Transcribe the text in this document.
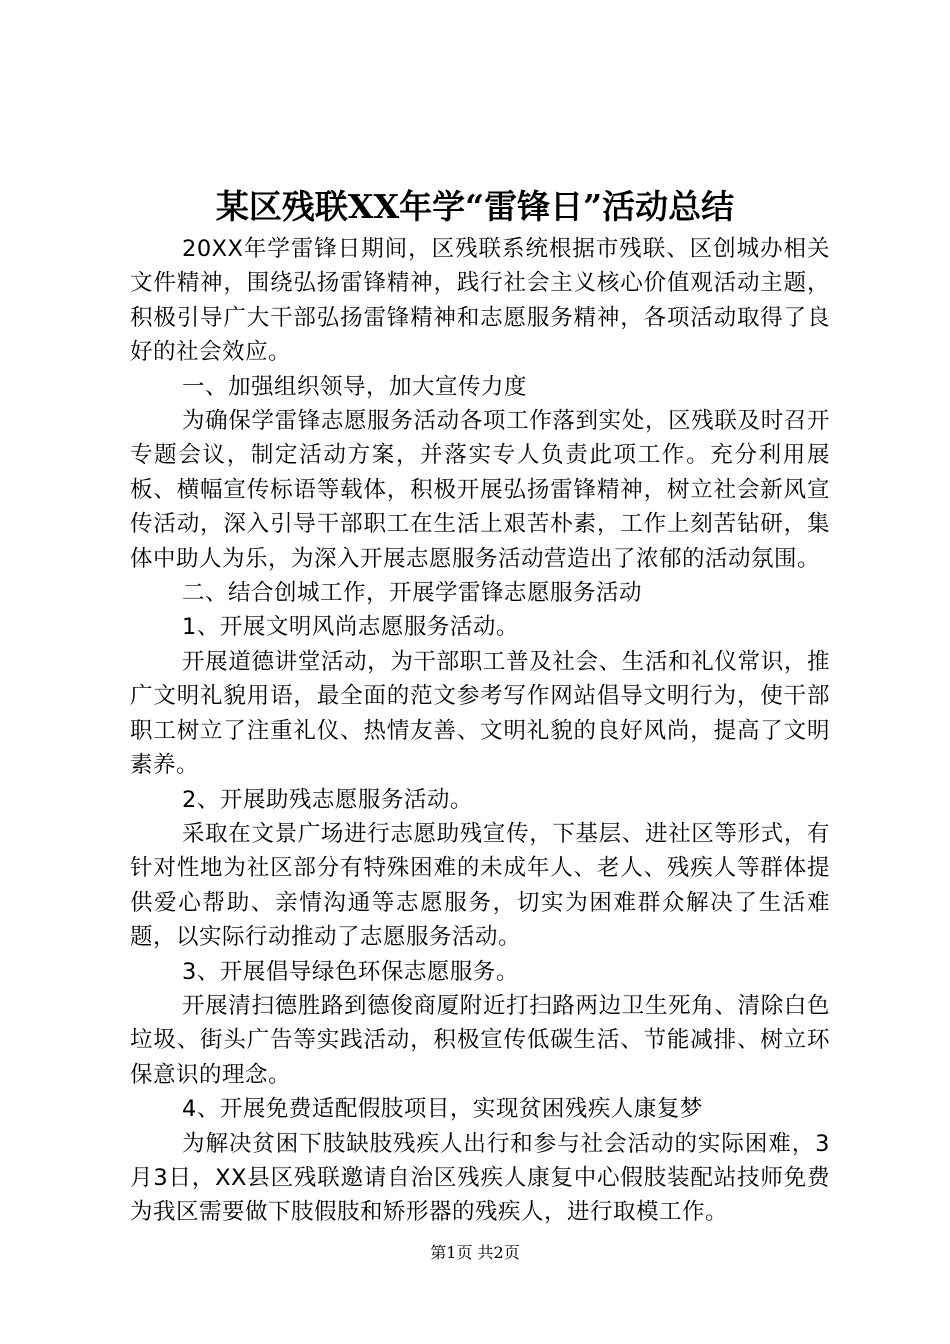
某区残联XX年学“雷锋日”活动总结

20XX年学雷锋日期间，区残联系统根据市残联、区创城办相关文件精神，围绕弘扬雷锋精神，践行社会主义核心价值观活动主题，积极引导广大干部弘扬雷锋精神和志愿服务精神，各项活动取得了良好的社会效应。

一、加强组织领导，加大宣传力度

为确保学雷锋志愿服务活动各项工作落到实处，区残联及时召开专题会议，制定活动方案，并落实专人负责此项工作。充分利用展板、横幅宣传标语等载体，积极开展弘扬雷锋精神，树立社会新风宣传活动，深入引导干部职工在生活上艰苦朴素，工作上刻苦钻研，集体中助人为乐，为深入开展志愿服务活动营造出了浓郁的活动氛围。

二、结合创城工作，开展学雷锋志愿服务活动

1、开展文明风尚志愿服务活动。

开展道德讲堂活动，为干部职工普及社会、生活和礼仪常识，推广文明礼貌用语，最全面的范文参考写作网站倡导文明行为，使干部职工树立了注重礼仪、热情友善、文明礼貌的良好风尚，提高了文明素养。

2、开展助残志愿服务活动。

采取在文景广场进行志愿助残宣传，下基层、进社区等形式，有针对性地为社区部分有特殊困难的未成年人、老人、残疾人等群体提供爱心帮助、亲情沟通等志愿服务，切实为困难群众解决了生活难题，以实际行动推动了志愿服务活动。

3、开展倡导绿色环保志愿服务。

开展清扫德胜路到德俊商厦附近打扫路两边卫生死角、清除白色垃圾、街头广告等实践活动，积极宣传低碳生活、节能减排、树立环保意识的理念。

4、开展免费适配假肢项目，实现贫困残疾人康复梦

为解决贫困下肢缺肢残疾人出行和参与社会活动的实际困难，3月3日，XX县区残联邀请自治区残疾人康复中心假肢装配站技师免费为我区需要做下肢假肢和矫形器的残疾人，进行取模工作。

第1页 共2页
